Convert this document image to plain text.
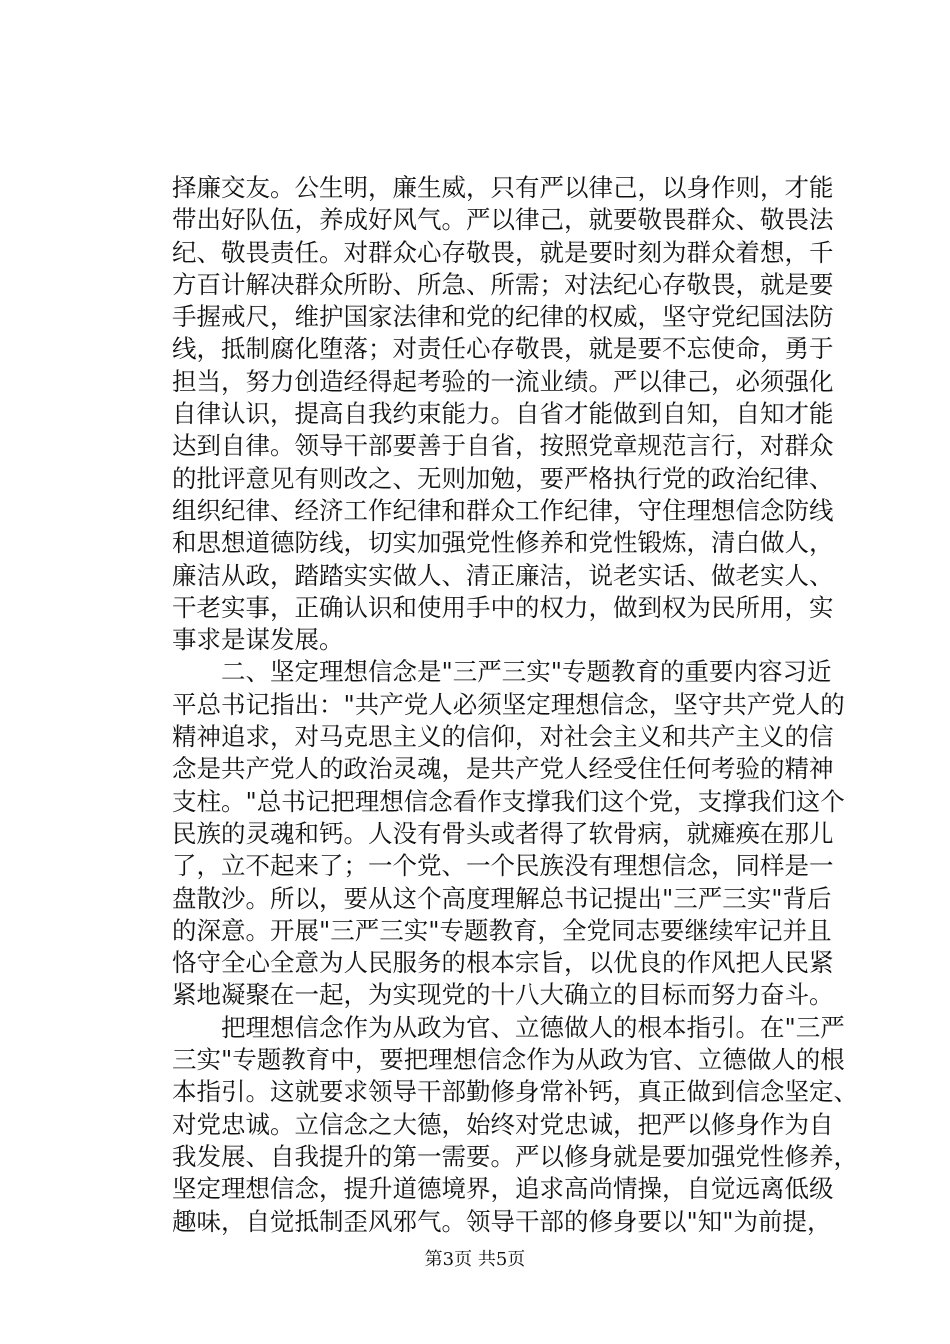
择廉交友。公生明，廉生威，只有严以律己，以身作则，才能
带出好队伍，养成好风气。严以律己，就要敬畏群众、敬畏法
纪、敬畏责任。对群众心存敬畏，就是要时刻为群众着想，千
方百计解决群众所盼、所急、所需；对法纪心存敬畏，就是要
手握戒尺，维护国家法律和党的纪律的权威，坚守党纪国法防
线，抵制腐化堕落；对责任心存敬畏，就是要不忘使命，勇于
担当，努力创造经得起考验的一流业绩。严以律己，必须强化
自律认识，提高自我约束能力。自省才能做到自知，自知才能
达到自律。领导干部要善于自省，按照党章规范言行，对群众
的批评意见有则改之、无则加勉，要严格执行党的政治纪律、
组织纪律、经济工作纪律和群众工作纪律，守住理想信念防线
和思想道德防线，切实加强党性修养和党性锻炼，清白做人，
廉洁从政，踏踏实实做人、清正廉洁，说老实话、做老实人、
干老实事，正确认识和使用手中的权力，做到权为民所用，实
事求是谋发展。
　　二、坚定理想信念是"三严三实"专题教育的重要内容习近
平总书记指出："共产党人必须坚定理想信念，坚守共产党人的
精神追求，对马克思主义的信仰，对社会主义和共产主义的信
念是共产党人的政治灵魂，是共产党人经受住任何考验的精神
支柱。"总书记把理想信念看作支撑我们这个党，支撑我们这个
民族的灵魂和钙。人没有骨头或者得了软骨病，就瘫痪在那儿
了，立不起来了；一个党、一个民族没有理想信念，同样是一
盘散沙。所以，要从这个高度理解总书记提出"三严三实"背后
的深意。开展"三严三实"专题教育，全党同志要继续牢记并且
恪守全心全意为人民服务的根本宗旨，以优良的作风把人民紧
紧地凝聚在一起，为实现党的十八大确立的目标而努力奋斗。
　　把理想信念作为从政为官、立德做人的根本指引。在"三严
三实"专题教育中，要把理想信念作为从政为官、立德做人的根
本指引。这就要求领导干部勤修身常补钙，真正做到信念坚定、
对党忠诚。立信念之大德，始终对党忠诚，把严以修身作为自
我发展、自我提升的第一需要。严以修身就是要加强党性修养，
坚定理想信念，提升道德境界，追求高尚情操，自觉远离低级
趣味，自觉抵制歪风邪气。领导干部的修身要以"知"为前提，
第3页 共5页
